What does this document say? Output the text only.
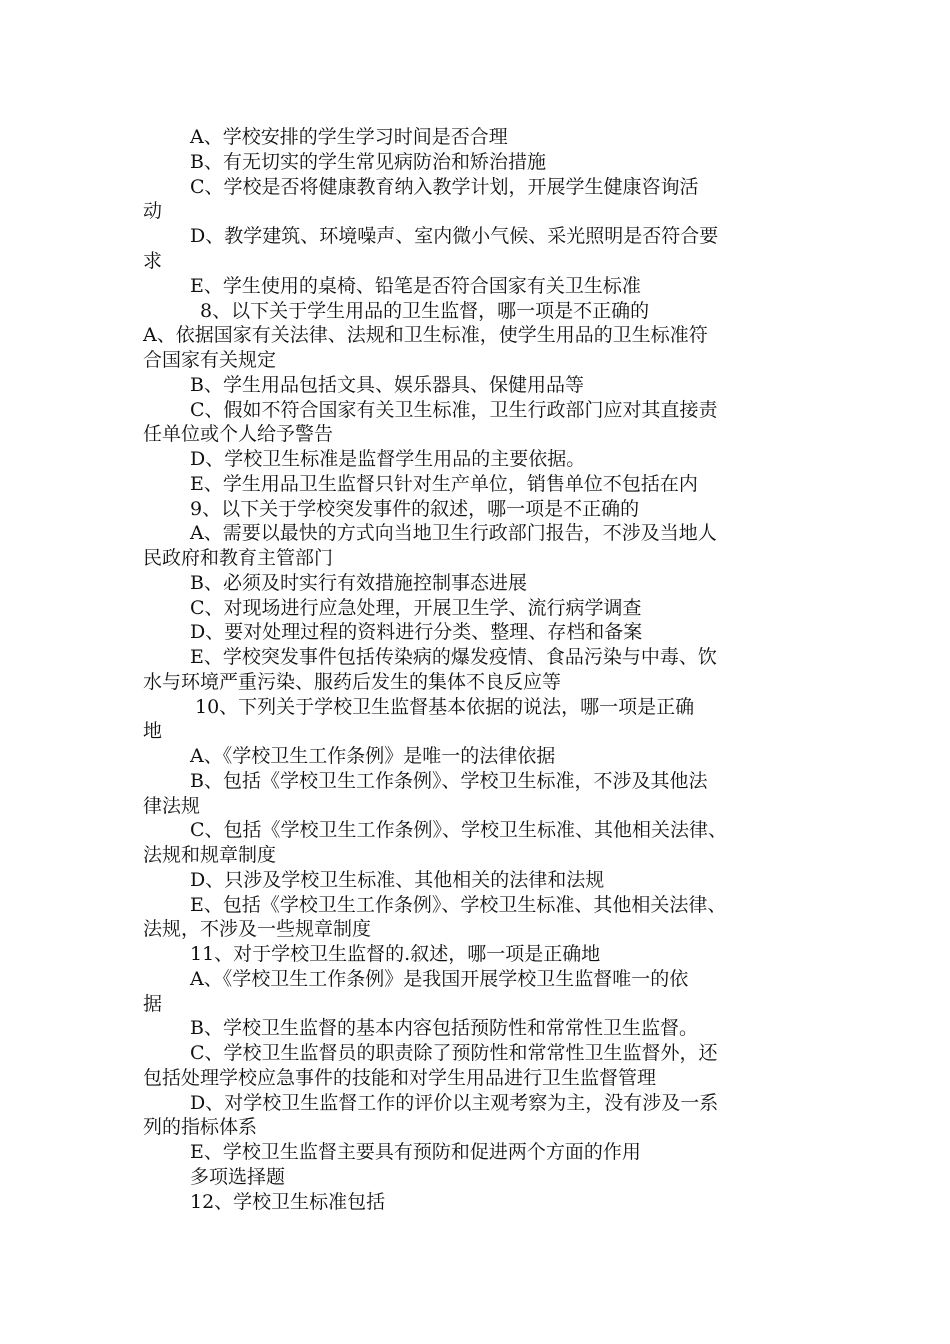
A、学校安排的学生学习时间是否合理
B、有无切实的学生常见病防治和矫治措施
C、学校是否将健康教育纳入教学计划，开展学生健康咨询活
动
D、教学建筑、环境噪声、室内微小气候、采光照明是否符合要
求
E、学生使用的桌椅、铅笔是否符合国家有关卫生标准
8、以下关于学生用品的卫生监督，哪一项是不正确的
A、依据国家有关法律、法规和卫生标准，使学生用品的卫生标准符
合国家有关规定
B、学生用品包括文具、娱乐器具、保健用品等
C、假如不符合国家有关卫生标准，卫生行政部门应对其直接责
任单位或个人给予警告
D、学校卫生标准是监督学生用品的主要依据。
E、学生用品卫生监督只针对生产单位，销售单位不包括在内
9、以下关于学校突发事件的叙述，哪一项是不正确的
A、需要以最快的方式向当地卫生行政部门报告，不涉及当地人
民政府和教育主管部门
B、必须及时实行有效措施控制事态进展
C、对现场进行应急处理，开展卫生学、流行病学调查
D、要对处理过程的资料进行分类、整理、存档和备案
E、学校突发事件包括传染病的爆发疫情、食品污染与中毒、饮
水与环境严重污染、服药后发生的集体不良反应等
10、下列关于学校卫生监督基本依据的说法，哪一项是正确
地
A、《学校卫生工作条例》是唯一的法律依据
B、包括《学校卫生工作条例》、学校卫生标准，不涉及其他法
律法规
C、包括《学校卫生工作条例》、学校卫生标准、其他相关法律、
法规和规章制度
D、只涉及学校卫生标准、其他相关的法律和法规
E、包括《学校卫生工作条例》、学校卫生标准、其他相关法律、
法规，不涉及一些规章制度
11、对于学校卫生监督的.叙述，哪一项是正确地
A、《学校卫生工作条例》是我国开展学校卫生监督唯一的依
据
B、学校卫生监督的基本内容包括预防性和常常性卫生监督。
C、学校卫生监督员的职责除了预防性和常常性卫生监督外，还
包括处理学校应急事件的技能和对学生用品进行卫生监督管理
D、对学校卫生监督工作的评价以主观考察为主，没有涉及一系
列的指标体系
E、学校卫生监督主要具有预防和促进两个方面的作用
多项选择题
12、学校卫生标准包括
